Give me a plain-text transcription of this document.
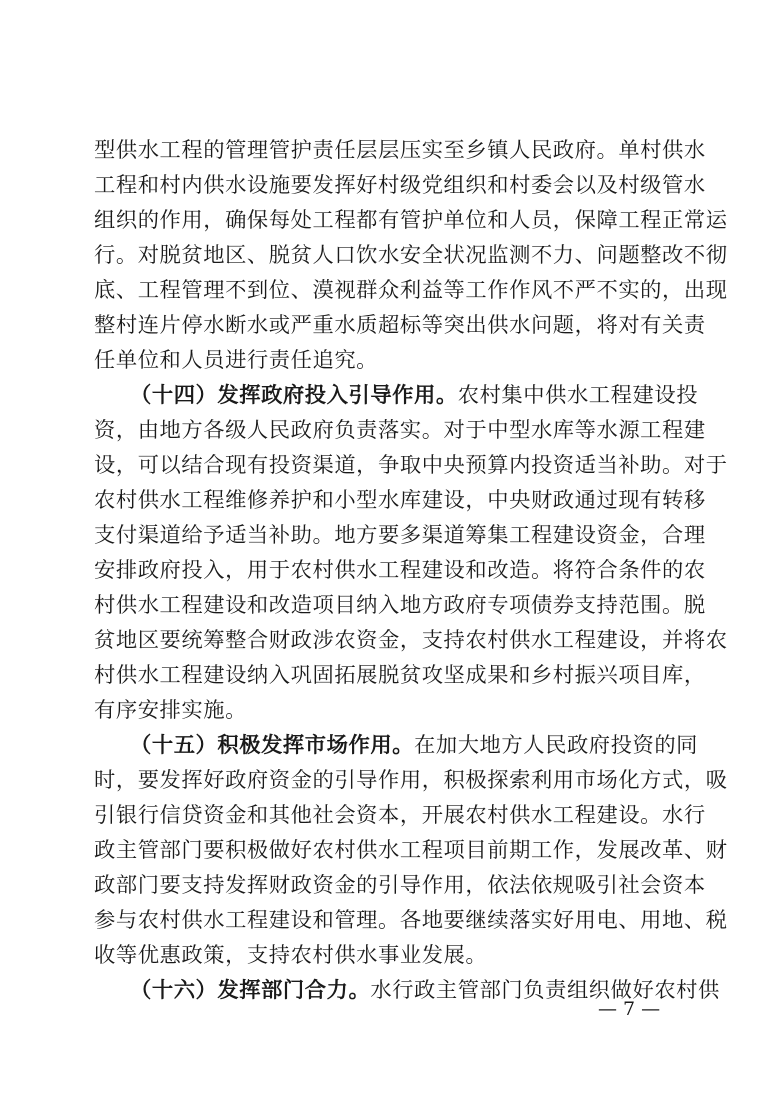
型供水工程的管理管护责任层层压实至乡镇人民政府。单村供水
工程和村内供水设施要发挥好村级党组织和村委会以及村级管水
组织的作用，确保每处工程都有管护单位和人员，保障工程正常运
行。对脱贫地区、脱贫人口饮水安全状况监测不力、问题整改不彻
底、工程管理不到位、漠视群众利益等工作作风不严不实的，出现
整村连片停水断水或严重水质超标等突出供水问题，将对有关责
任单位和人员进行责任追究。
（十四）发挥政府投入引导作用。农村集中供水工程建设投
资，由地方各级人民政府负责落实。对于中型水库等水源工程建
设，可以结合现有投资渠道，争取中央预算内投资适当补助。对于
农村供水工程维修养护和小型水库建设，中央财政通过现有转移
支付渠道给予适当补助。地方要多渠道筹集工程建设资金，合理
安排政府投入，用于农村供水工程建设和改造。将符合条件的农
村供水工程建设和改造项目纳入地方政府专项债券支持范围。脱
贫地区要统筹整合财政涉农资金，支持农村供水工程建设，并将农
村供水工程建设纳入巩固拓展脱贫攻坚成果和乡村振兴项目库，
有序安排实施。
（十五）积极发挥市场作用。在加大地方人民政府投资的同
时，要发挥好政府资金的引导作用，积极探索利用市场化方式，吸
引银行信贷资金和其他社会资本，开展农村供水工程建设。水行
政主管部门要积极做好农村供水工程项目前期工作，发展改革、财
政部门要支持发挥财政资金的引导作用，依法依规吸引社会资本
参与农村供水工程建设和管理。各地要继续落实好用电、用地、税
收等优惠政策，支持农村供水事业发展。
（十六）发挥部门合力。水行政主管部门负责组织做好农村供
— 7 —
